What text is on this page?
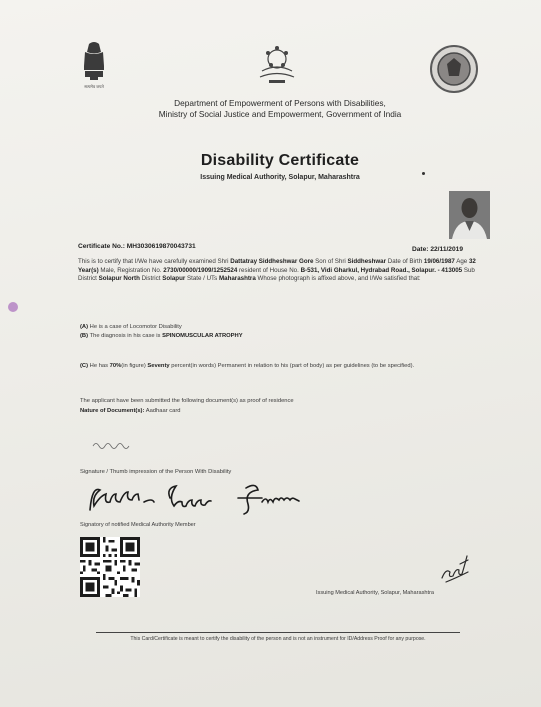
सत्यमेव जयते
Department of Empowerment of Persons with Disabilities,
Ministry of Social Justice and Empowerment, Government of India
Disability Certificate
Issuing Medical Authority, Solapur, Maharashtra
Certificate No.: MH3030619870043731	Date: 22/11/2019
This is to certify that I/We have carefully examined Shri Dattatray Siddheshwar Gore Son of Shri Siddheshwar Date of Birth 19/06/1987 Age 32 Year(s) Male, Registration No. 2730/00000/1909/1252524 resident of House No. B-531, Vidi Gharkul, Hydrabad Road., Solapur. - 413005 Sub District Solapur North District Solapur State / UTs Maharashtra Whose photograph is affixed above, and I/We satisfied that:
(A) He is a case of Locomotor Disability
(B) The diagnosis in his case is SPINOMUSCULAR ATROPHY
(C) He has 70%(in figure) Seventy percent(in words) Permanent in relation to his (part of body) as per guidelines (to be specified).
The applicant have been submitted the following document(s) as proof of residence
Nature of Document(s): Aadhaar card
Signature / Thumb impression of the Person With Disability
Signatory of notified Medical Authority Member
Issuing Medical Authority, Solapur, Maharashtra
This Card/Certificate is meant to certify the disability of the person and is not an instrument for ID/Address Proof for any purpose.
